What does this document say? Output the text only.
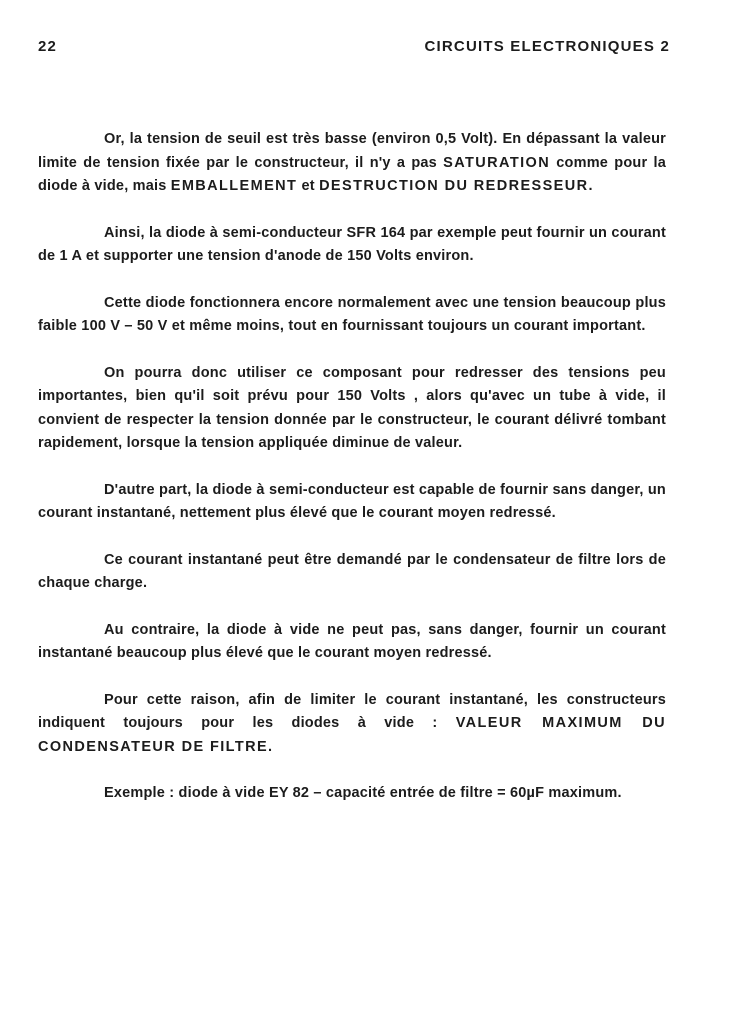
22	CIRCUITS ELECTRONIQUES 2

Or, la tension de seuil est très basse (environ 0,5 Volt). En dépassant la valeur limite de tension fixée par le constructeur, il n'y a pas SATURATION comme pour la diode à vide, mais EMBALLEMENT et DESTRUCTION DU REDRESSEUR.

Ainsi, la diode à semi-conducteur SFR 164 par exemple peut fournir un courant de 1 A et supporter une tension d'anode de 150 Volts environ.

Cette diode fonctionnera encore normalement avec une tension beaucoup plus faible 100 V – 50 V et même moins, tout en fournissant toujours un courant important.

On pourra donc utiliser ce composant pour redresser des tensions peu importantes, bien qu'il soit prévu pour 150 Volts , alors qu'avec un tube à vide, il convient de respecter la tension donnée par le constructeur, le courant délivré tombant rapidement, lorsque la tension appliquée diminue de valeur.

D'autre part, la diode à semi-conducteur est capable de fournir sans danger, un courant instantané, nettement plus élevé que le courant moyen redressé.

Ce courant instantané peut être demandé par le condensateur de filtre lors de chaque charge.

Au contraire, la diode à vide ne peut pas, sans danger, fournir un courant instantané beaucoup plus élevé que le courant moyen redressé.

Pour cette raison, afin de limiter le courant instantané, les constructeurs indiquent toujours pour les diodes à vide : VALEUR MAXIMUM DU CONDENSATEUR DE FILTRE.

Exemple : diode à vide EY 82 – capacité entrée de filtre = 60µF maximum.
